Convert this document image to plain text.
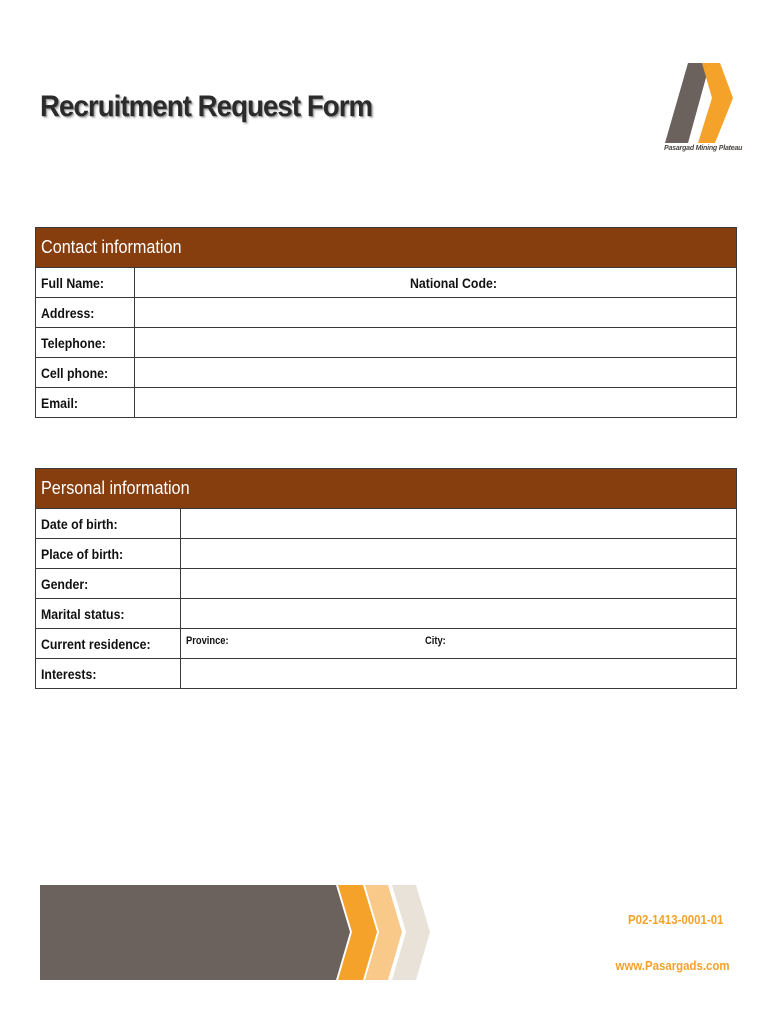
Recruitment Request Form
Pasargad Mining Plateau
Contact information
Full Name:	National Code:
Address:
Telephone:
Cell phone:
Email:
Personal information
Date of birth:
Place of birth:
Gender:
Marital status:
Current residence:	Province:	City:
Interests:
P02-1413-0001-01
www.Pasargads.com
